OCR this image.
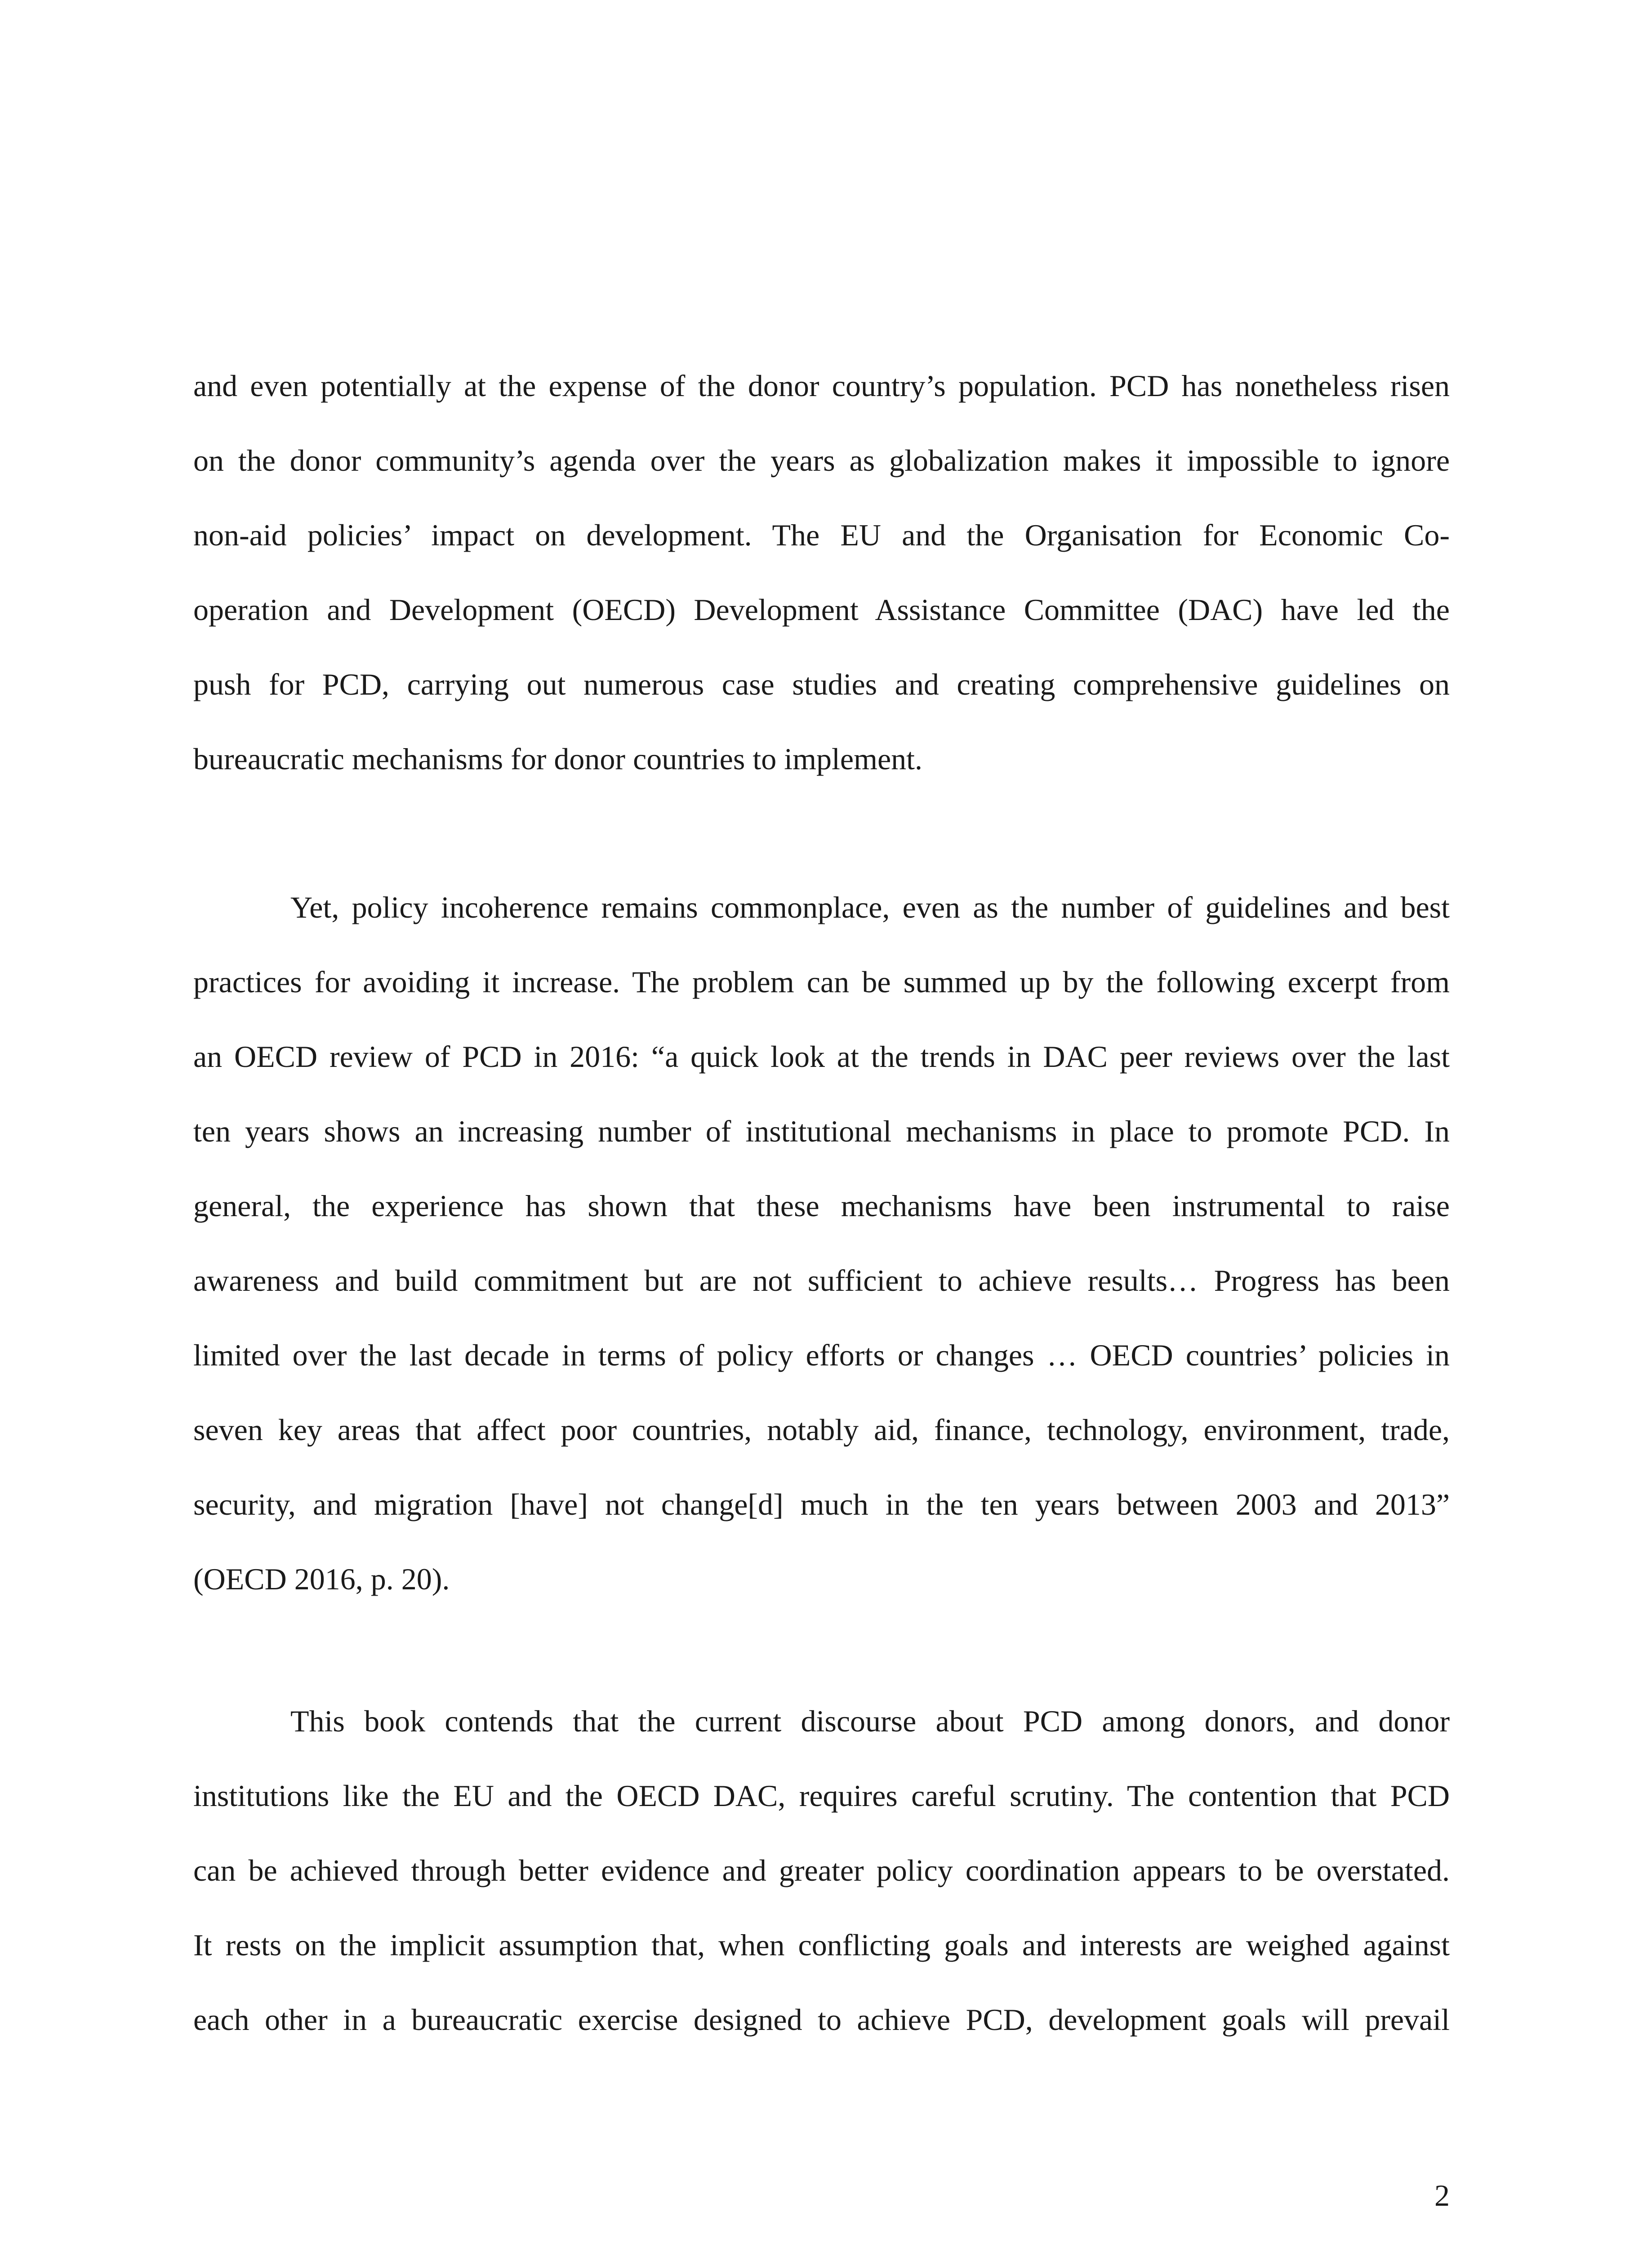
and even potentially at the expense of the donor country’s population. PCD has nonetheless risen
on the donor community’s agenda over the years as globalization makes it impossible to ignore
non-aid policies’ impact on development. The EU and the Organisation for Economic Co-
operation and Development (OECD) Development Assistance Committee (DAC) have led the
push for PCD, carrying out numerous case studies and creating comprehensive guidelines on
bureaucratic mechanisms for donor countries to implement.
Yet, policy incoherence remains commonplace, even as the number of guidelines and best
practices for avoiding it increase. The problem can be summed up by the following excerpt from
an OECD review of PCD in 2016: “a quick look at the trends in DAC peer reviews over the last
ten years shows an increasing number of institutional mechanisms in place to promote PCD. In
general, the experience has shown that these mechanisms have been instrumental to raise
awareness and build commitment but are not sufficient to achieve results… Progress has been
limited over the last decade in terms of policy efforts or changes … OECD countries’ policies in
seven key areas that affect poor countries, notably aid, finance, technology, environment, trade,
security, and migration [have] not change[d] much in the ten years between 2003 and 2013”
(OECD 2016, p. 20).
This book contends that the current discourse about PCD among donors, and donor
institutions like the EU and the OECD DAC, requires careful scrutiny. The contention that PCD
can be achieved through better evidence and greater policy coordination appears to be overstated.
It rests on the implicit assumption that, when conflicting goals and interests are weighed against
each other in a bureaucratic exercise designed to achieve PCD, development goals will prevail
2
